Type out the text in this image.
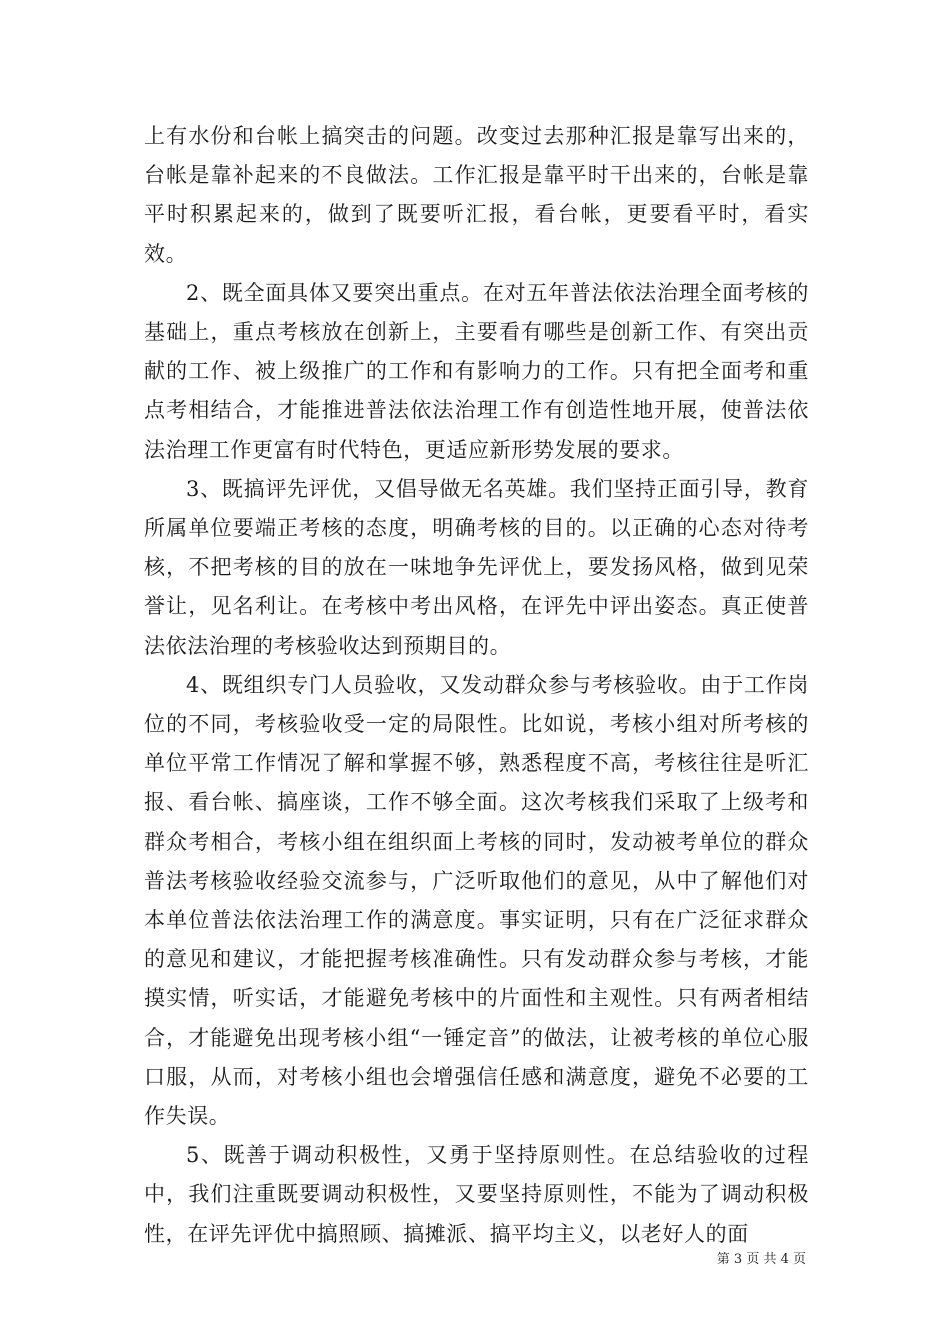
上有水份和台帐上搞突击的问题。改变过去那种汇报是靠写出来的，台帐是靠补起来的不良做法。工作汇报是靠平时干出来的，台帐是靠平时积累起来的，做到了既要听汇报，看台帐，更要看平时，看实效。

2、既全面具体又要突出重点。在对五年普法依法治理全面考核的基础上，重点考核放在创新上，主要看有哪些是创新工作、有突出贡献的工作、被上级推广的工作和有影响力的工作。只有把全面考和重点考相结合，才能推进普法依法治理工作有创造性地开展，使普法依法治理工作更富有时代特色，更适应新形势发展的要求。

3、既搞评先评优，又倡导做无名英雄。我们坚持正面引导，教育所属单位要端正考核的态度，明确考核的目的。以正确的心态对待考核，不把考核的目的放在一味地争先评优上，要发扬风格，做到见荣誉让，见名利让。在考核中考出风格，在评先中评出姿态。真正使普法依法治理的考核验收达到预期目的。

4、既组织专门人员验收，又发动群众参与考核验收。由于工作岗位的不同，考核验收受一定的局限性。比如说，考核小组对所考核的单位平常工作情况了解和掌握不够，熟悉程度不高，考核往往是听汇报、看台帐、搞座谈，工作不够全面。这次考核我们采取了上级考和群众考相合，考核小组在组织面上考核的同时，发动被考单位的群众普法考核验收经验交流参与，广泛听取他们的意见，从中了解他们对本单位普法依法治理工作的满意度。事实证明，只有在广泛征求群众的意见和建议，才能把握考核准确性。只有发动群众参与考核，才能摸实情，听实话，才能避免考核中的片面性和主观性。只有两者相结合，才能避免出现考核小组“一锤定音”的做法，让被考核的单位心服口服，从而，对考核小组也会增强信任感和满意度，避免不必要的工作失误。

5、既善于调动积极性，又勇于坚持原则性。在总结验收的过程中，我们注重既要调动积极性，又要坚持原则性，不能为了调动积极性，在评先评优中搞照顾、搞摊派、搞平均主义，以老好人的面

第 3 页 共 4 页
